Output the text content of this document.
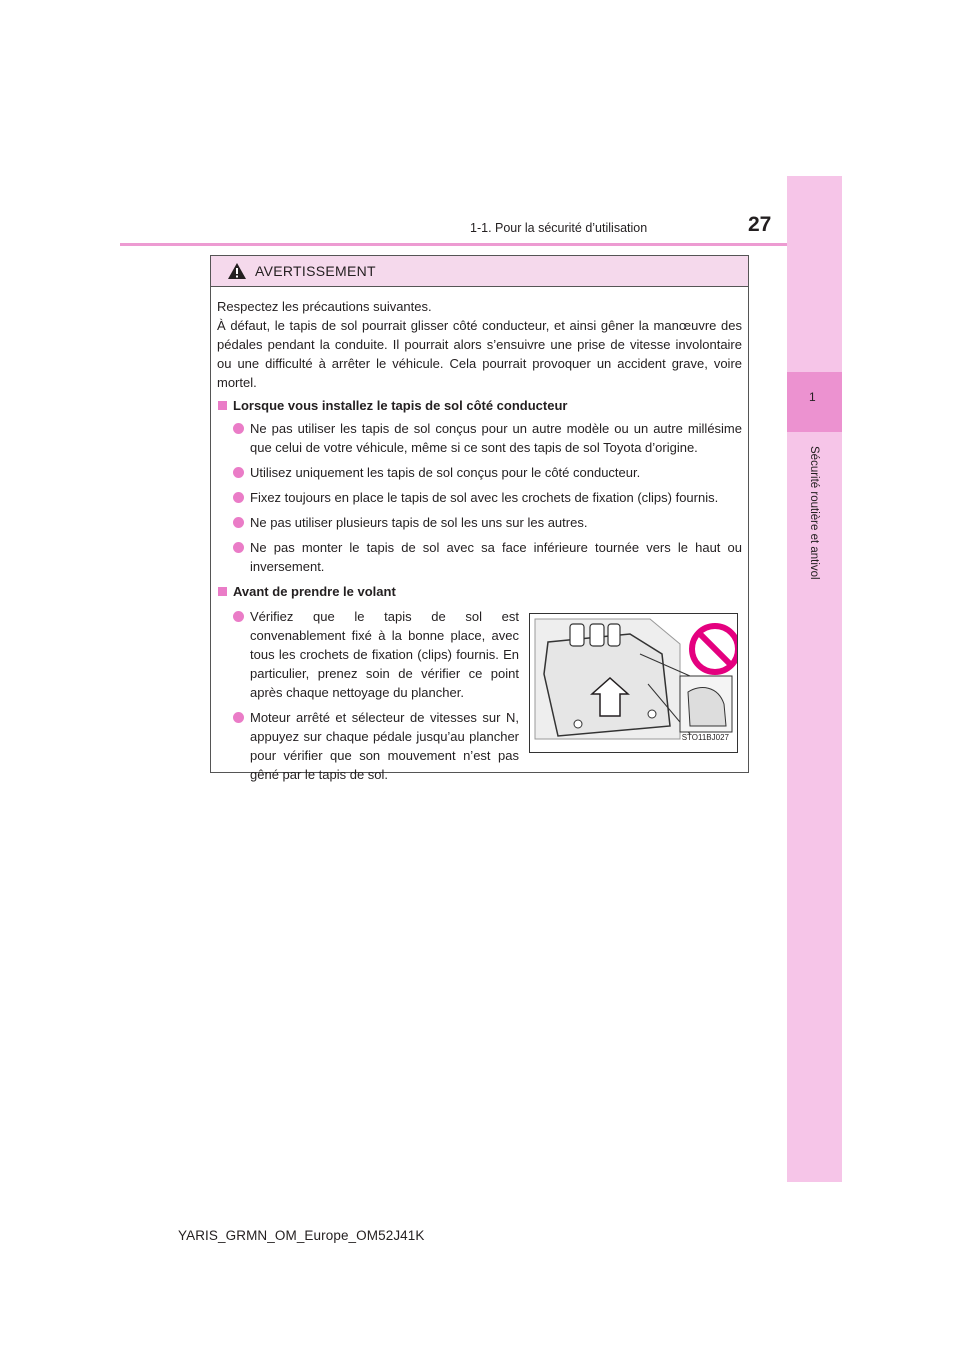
1-1. Pour la sécurité d’utilisation	27
1
Sécurité routière et antivol
AVERTISSEMENT

Respectez les précautions suivantes.
À défaut, le tapis de sol pourrait glisser côté conducteur, et ainsi gêner la manœuvre des pédales pendant la conduite. Il pourrait alors s’ensuivre une prise de vitesse involontaire ou une difficulté à arrêter le véhicule. Cela pourrait provoquer un accident grave, voire mortel.

Lorsque vous installez le tapis de sol côté conducteur
Ne pas utiliser les tapis de sol conçus pour un autre modèle ou un autre millésime que celui de votre véhicule, même si ce sont des tapis de sol Toyota d’origine.
Utilisez uniquement les tapis de sol conçus pour le côté conducteur.
Fixez toujours en place le tapis de sol avec les crochets de fixation (clips) fournis.
Ne pas utiliser plusieurs tapis de sol les uns sur les autres.
Ne pas monter le tapis de sol avec sa face inférieure tournée vers le haut ou inversement.
Avant de prendre le volant
Vérifiez que le tapis de sol est convenablement fixé à la bonne place, avec tous les crochets de fixation (clips) fournis. En particulier, prenez soin de vérifier ce point après chaque nettoyage du plancher.
Moteur arrêté et sélecteur de vitesses sur N, appuyez sur chaque pédale jusqu’au plancher pour vérifier que son mouvement n’est pas gêné par le tapis de sol.
STO11BJ027
YARIS_GRMN_OM_Europe_OM52J41K
